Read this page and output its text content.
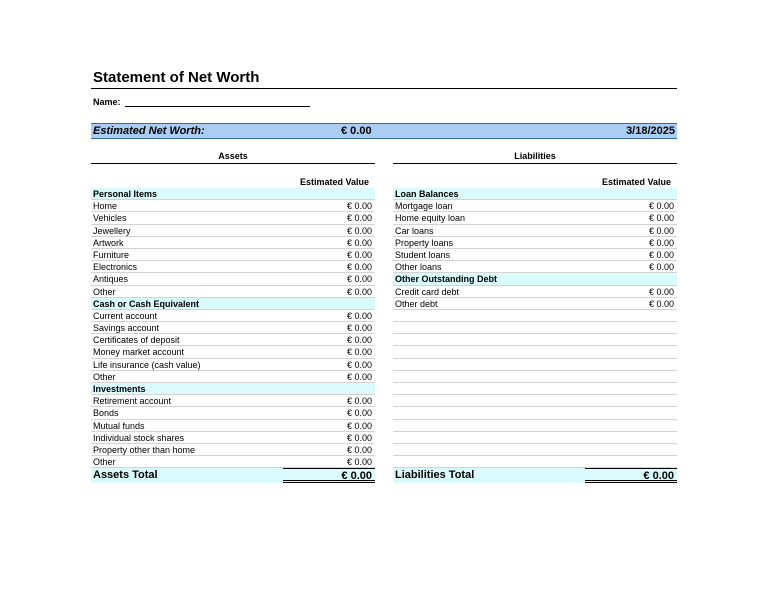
Statement of Net Worth
Name:
Estimated Net Worth:	€ 0.00	3/18/2025
Assets
Estimated Value
Personal Items
Home	€ 0.00
Vehicles	€ 0.00
Jewellery	€ 0.00
Artwork	€ 0.00
Furniture	€ 0.00
Electronics	€ 0.00
Antiques	€ 0.00
Other	€ 0.00
Cash or Cash Equivalent
Current account	€ 0.00
Savings account	€ 0.00
Certificates of deposit	€ 0.00
Money market account	€ 0.00
Life insurance (cash value)	€ 0.00
Other	€ 0.00
Investments
Retirement account	€ 0.00
Bonds	€ 0.00
Mutual funds	€ 0.00
Individual stock shares	€ 0.00
Property other than home	€ 0.00
Other	€ 0.00
Assets Total	€ 0.00
Liabilities
Estimated Value
Loan Balances
Mortgage loan	€ 0.00
Home equity loan	€ 0.00
Car loans	€ 0.00
Property loans	€ 0.00
Student loans	€ 0.00
Other loans	€ 0.00
Other Outstanding Debt
Credit card debt	€ 0.00
Other debt	€ 0.00
Liabilities Total	€ 0.00
